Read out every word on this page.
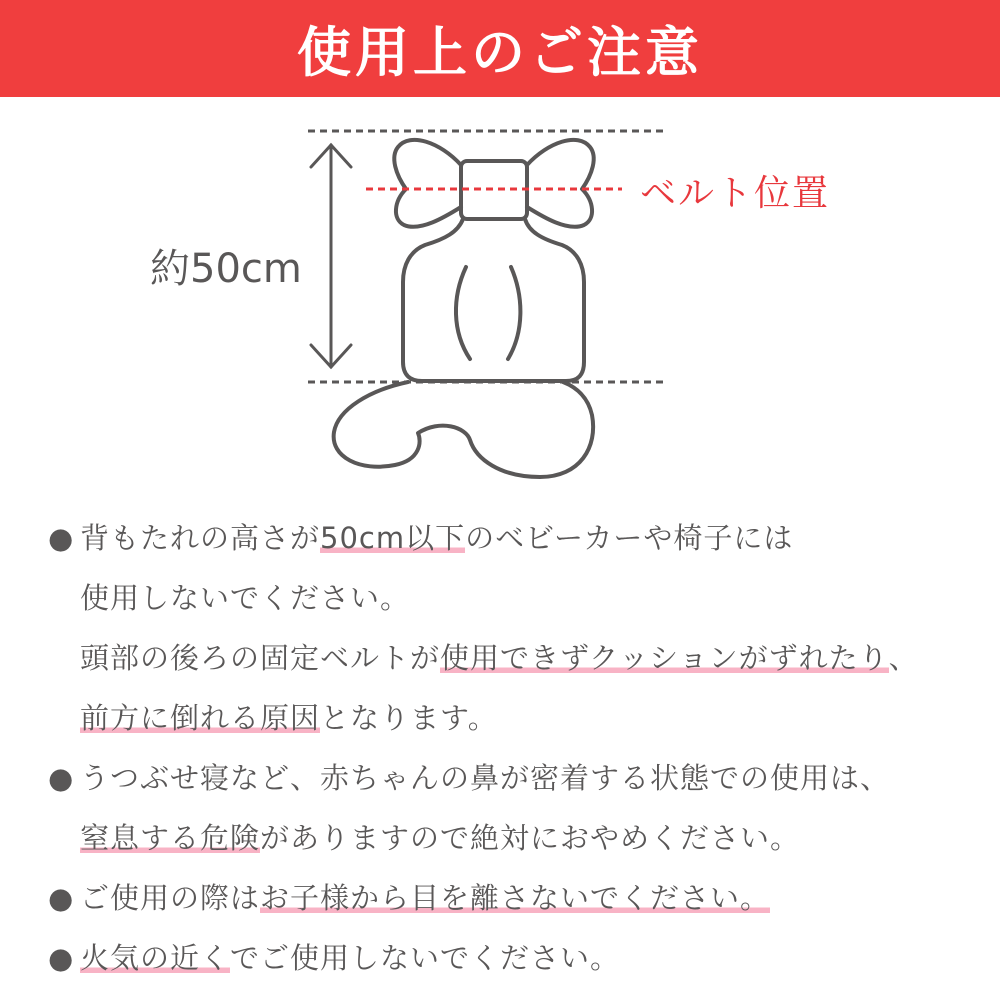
使用上のご注意
約50cm
ベルト位置
● 背もたれの高さが50cm以下のベビーカーや椅子には
使用しないでください。
頭部の後ろの固定ベルトが使用できずクッションがずれたり、
前方に倒れる原因となります。
● うつぶせ寝など、赤ちゃんの鼻が密着する状態での使用は、
窒息する危険がありますので絶対におやめください。
● ご使用の際はお子様から目を離さないでください。
● 火気の近くでご使用しないでください。
